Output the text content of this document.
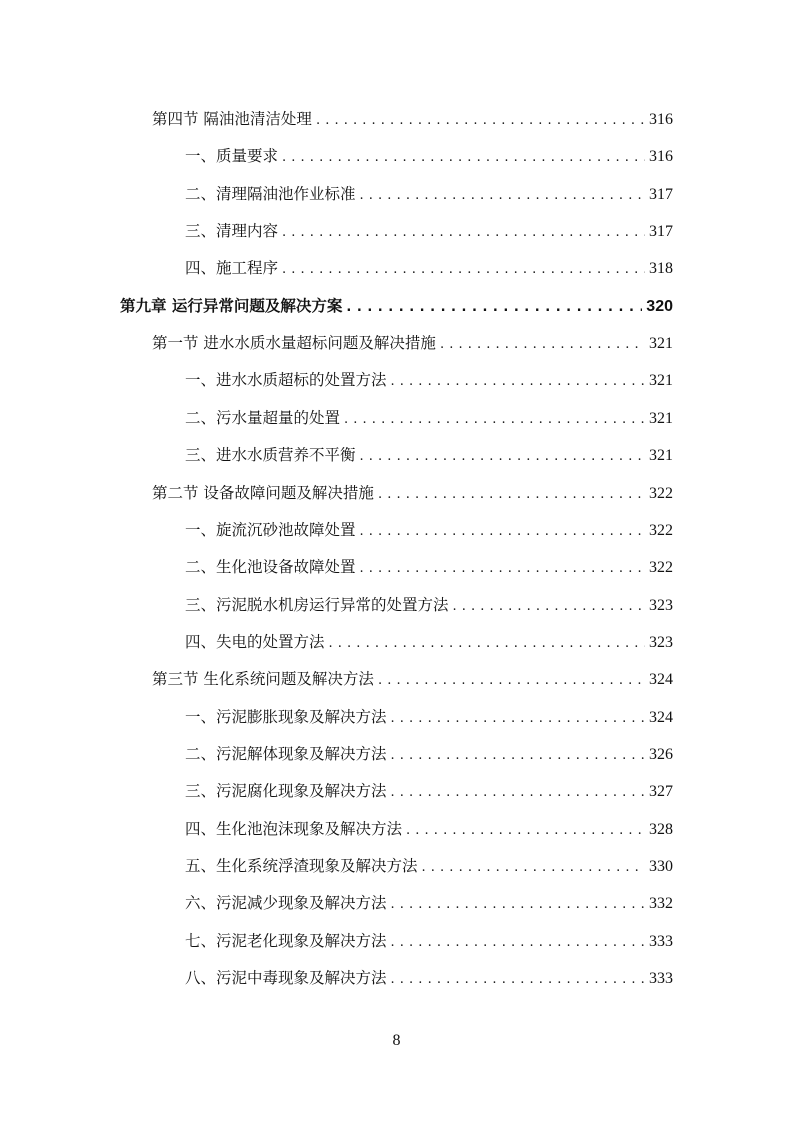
第四节 隔油池清洁处理 . . .	316
一、质量要求 . . .	316
二、清理隔油池作业标准 . . .	317
三、清理内容 . . .	317
四、施工程序 . . .	318
第九章 运行异常问题及解决方案 . . .	320
第一节 进水水质水量超标问题及解决措施 . . .	321
一、进水水质超标的处置方法 . . .	321
二、污水量超量的处置 . . .	321
三、进水水质营养不平衡 . . .	321
第二节 设备故障问题及解决措施 . . .	322
一、旋流沉砂池故障处置 . . .	322
二、生化池设备故障处置 . . .	322
三、污泥脱水机房运行异常的处置方法 . . .	323
四、失电的处置方法 . . .	323
第三节 生化系统问题及解决方法 . . .	324
一、污泥膨胀现象及解决方法 . . .	324
二、污泥解体现象及解决方法 . . .	326
三、污泥腐化现象及解决方法 . . .	327
四、生化池泡沫现象及解决方法 . . .	328
五、生化系统浮渣现象及解决方法 . . .	330
六、污泥减少现象及解决方法 . . .	332
七、污泥老化现象及解决方法 . . .	333
八、污泥中毒现象及解决方法 . . .	333
8
